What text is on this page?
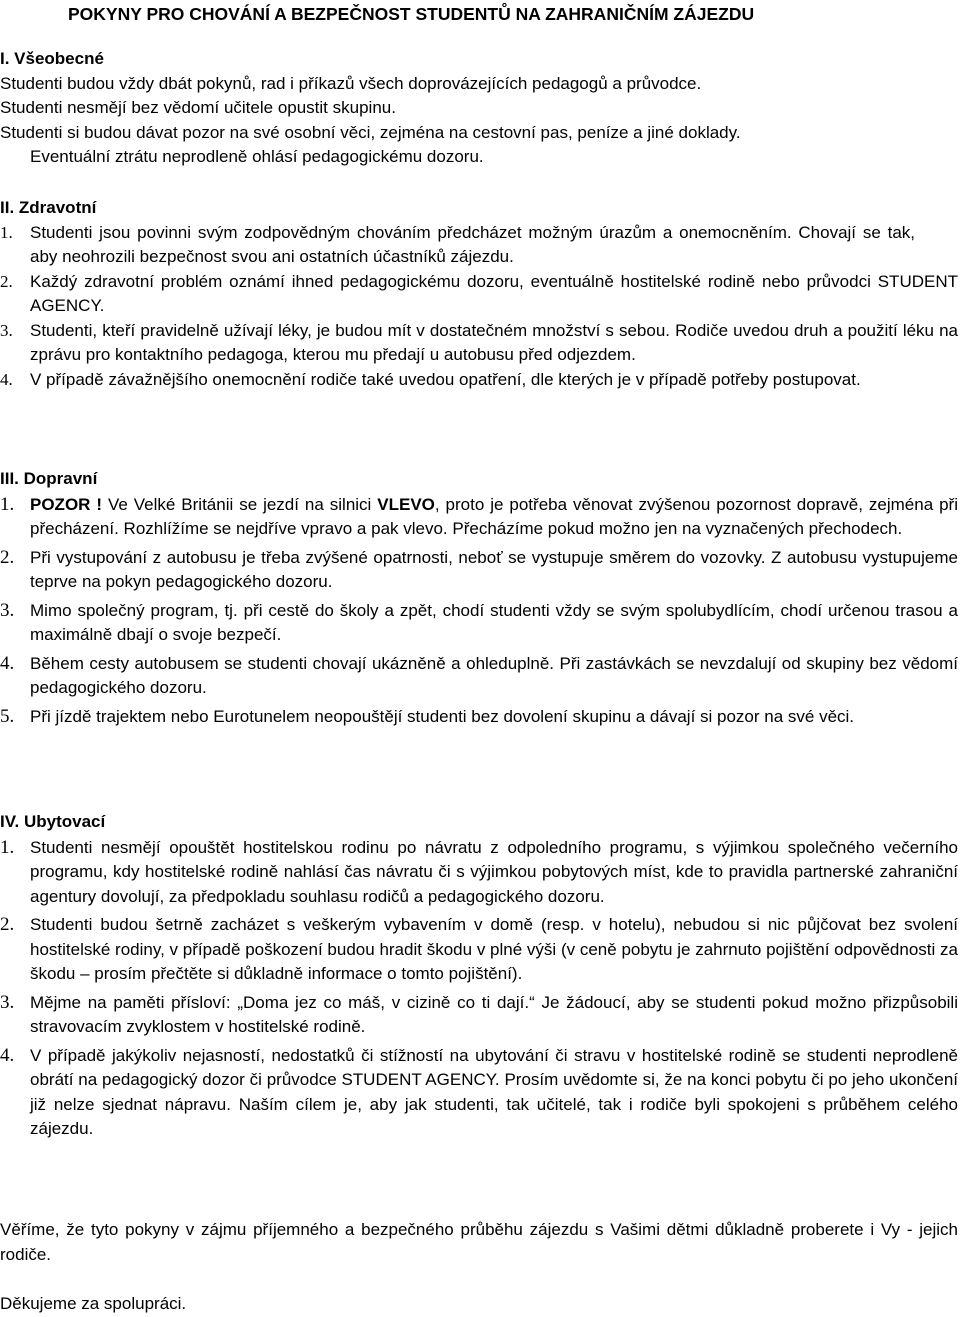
POKYNY PRO CHOVÁNÍ A BEZPEČNOST STUDENTŮ NA ZAHRANIČNÍM ZÁJEZDU
I. Všeobecné
Studenti budou vždy dbát pokynů, rad i příkazů všech doprovázejících pedagogů a průvodce.
Studenti nesmějí bez vědomí učitele opustit skupinu.
Studenti si budou dávat pozor na své osobní věci, zejména na cestovní pas, peníze a jiné doklady.
Eventuální ztrátu neprodleně ohlásí pedagogickému dozoru.
II. Zdravotní
1. Studenti jsou povinni svým zodpovědným chováním předcházet možným úrazům a onemocněním. Chovají se tak, aby neohrozili bezpečnost svou ani ostatních účastníků zájezdu.
2. Každý zdravotní problém oznámí ihned pedagogickému dozoru, eventuálně hostitelské rodině nebo průvodci STUDENT AGENCY.
3. Studenti, kteří pravidelně užívají léky, je budou mít v dostatečném množství s sebou. Rodiče uvedou druh a použití léku na zprávu pro kontaktního pedagoga, kterou mu předají u autobusu před odjezdem.
4. V případě závažnějšího onemocnění rodiče také uvedou opatření, dle kterých je v případě potřeby postupovat.
III. Dopravní
1. POZOR ! Ve Velké Británii se jezdí na silnici VLEVO, proto je potřeba věnovat zvýšenou pozornost dopravě, zejména při přecházení. Rozhlížíme se nejdříve vpravo a pak vlevo. Přecházíme pokud možno jen na vyznačených přechodech.
2. Při vystupování z autobusu je třeba zvýšené opatrnosti, neboť se vystupuje směrem do vozovky. Z autobusu vystupujeme teprve na pokyn pedagogického dozoru.
3. Mimo společný program, tj. při cestě do školy a zpět, chodí studenti vždy se svým spolubydlícím, chodí určenou trasou a maximálně dbají o svoje bezpečí.
4. Během cesty autobusem se studenti chovají ukázněně a ohleduplně. Při zastávkách se nevzdalují od skupiny bez vědomí pedagogického dozoru.
5. Při jízdě trajektem nebo Eurotunelem neopouštějí studenti bez dovolení skupinu a dávají si pozor na své věci.
IV. Ubytovací
1. Studenti nesmějí opouštět hostitelskou rodinu po návratu z odpoledního programu, s výjimkou společného večerního programu, kdy hostitelské rodině nahlásí čas návratu či s výjimkou pobytových míst, kde to pravidla partnerské zahraniční agentury dovolují, za předpokladu souhlasu rodičů a pedagogického dozoru.
2. Studenti budou šetrně zacházet s veškerým vybavením v domě (resp. v hotelu), nebudou si nic půjčovat bez svolení hostitelské rodiny, v případě poškození budou hradit škodu v plné výši (v ceně pobytu je zahrnuto pojištění odpovědnosti za škodu – prosím přečtěte si důkladně informace o tomto pojištění).
3. Mějme na paměti přísloví: „Doma jez co máš, v cizině co ti dají.“ Je žádoucí, aby se studenti pokud možno přizpůsobili stravovacím zvyklostem v hostitelské rodině.
4. V případě jakýkoliv nejasností, nedostatků či stížností na ubytování či stravu v hostitelské rodině se studenti neprodleně obrátí na pedagogický dozor či průvodce STUDENT AGENCY. Prosím uvědomte si, že na konci pobytu či po jeho ukončení již nelze sjednat nápravu. Naším cílem je, aby jak studenti, tak učitelé, tak i rodiče byli spokojeni s průběhem celého zájezdu.
Věříme, že tyto pokyny v zájmu příjemného a bezpečného průběhu zájezdu s Vašimi dětmi důkladně proberete i Vy - jejich rodiče.
Děkujeme za spolupráci.
